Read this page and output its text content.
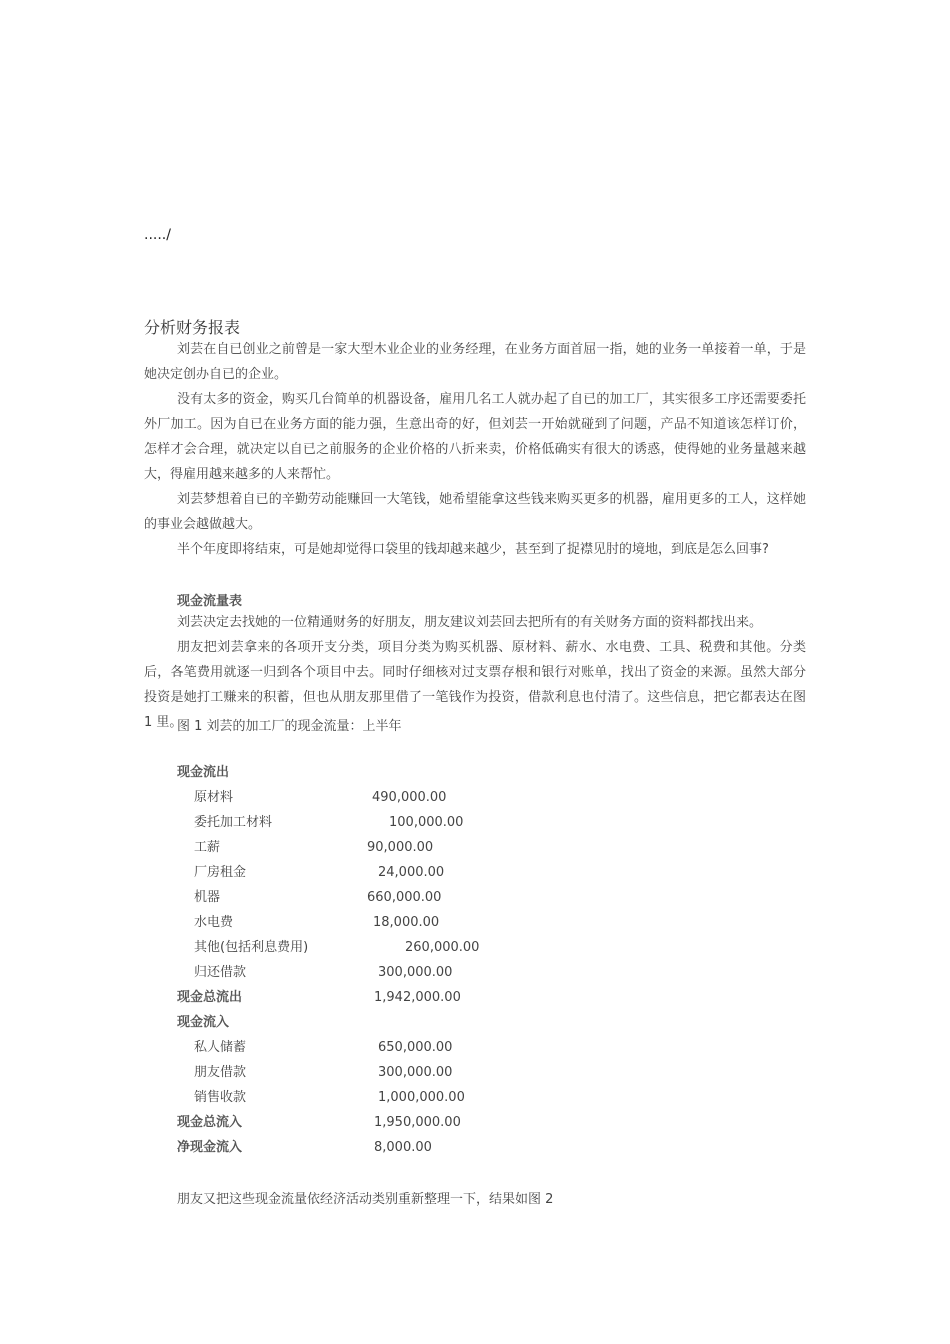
...../
分析财务报表

刘芸在自已创业之前曾是一家大型木业企业的业务经理，在业务方面首屈一指，她的业务一单接着一单，于是她决定创办自已的企业。

没有太多的资金，购买几台简单的机器设备，雇用几名工人就办起了自已的加工厂，其实很多工序还需要委托外厂加工。因为自已在业务方面的能力强，生意出奇的好，但刘芸一开始就碰到了问题，产品不知道该怎样订价，怎样才会合理，就决定以自已之前服务的企业价格的八折来卖，价格低确实有很大的诱惑，使得她的业务量越来越大，得雇用越来越多的人来帮忙。

刘芸梦想着自已的辛勤劳动能赚回一大笔钱，她希望能拿这些钱来购买更多的机器，雇用更多的工人，这样她的事业会越做越大。

半个年度即将结束，可是她却觉得口袋里的钱却越来越少，甚至到了捉襟见肘的境地，到底是怎么回事?

现金流量表

刘芸决定去找她的一位精通财务的好朋友，朋友建议刘芸回去把所有的有关财务方面的资料都找出来。

朋友把刘芸拿来的各项开支分类，项目分类为购买机器、原材料、薪水、水电费、工具、税费和其他。分类后，各笔费用就逐一归到各个项目中去。同时仔细核对过支票存根和银行对账单，找出了资金的来源。虽然大部分投资是她打工赚来的积蓄，但也从朋友那里借了一笔钱作为投资，借款利息也付清了。这些信息，把它都表达在图 1 里。

图 1 刘芸的加工厂的现金流量：上半年
现金流出
原材料	490,000.00
委托加工材料	100,000.00
工薪	90,000.00
厂房租金	24,000.00
机器	660,000.00
水电费	18,000.00
其他(包括利息费用)	260,000.00
归还借款	300,000.00
现金总流出	1,942,000.00
现金流入
私人储蓄	650,000.00
朋友借款	300,000.00
销售收款	1,000,000.00
现金总流入	1,950,000.00
净现金流入	8,000.00
朋友又把这些现金流量依经济活动类别重新整理一下，结果如图 2
